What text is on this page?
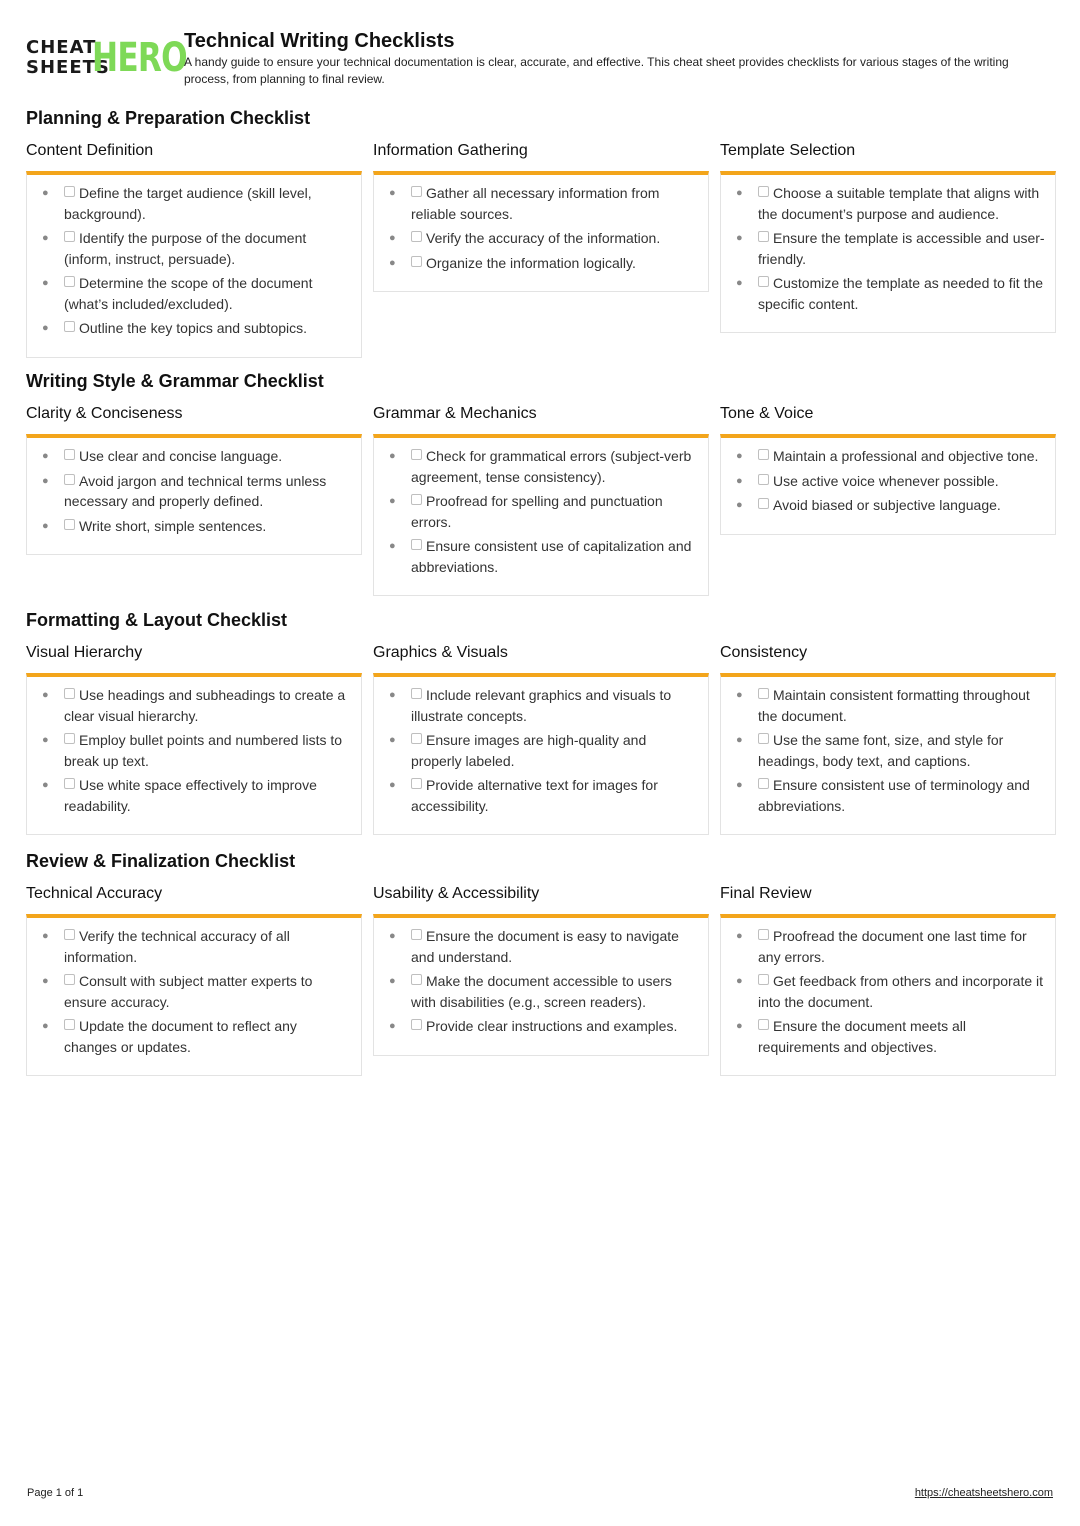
CHEAT
SHEETS
HERO
Technical Writing Checklists
A handy guide to ensure your technical documentation is clear, accurate, and effective. This cheat sheet provides checklists for various stages of the writing process, from planning to final review.
Planning & Preparation Checklist
Content Definition
● Define the target audience (skill level, background).
● Identify the purpose of the document (inform, instruct, persuade).
● Determine the scope of the document (what’s included/excluded).
● Outline the key topics and subtopics.
Information Gathering
● Gather all necessary information from reliable sources.
● Verify the accuracy of the information.
● Organize the information logically.
Template Selection
● Choose a suitable template that aligns with the document’s purpose and audience.
● Ensure the template is accessible and user-friendly.
● Customize the template as needed to fit the specific content.
Writing Style & Grammar Checklist
Clarity & Conciseness
● Use clear and concise language.
● Avoid jargon and technical terms unless necessary and properly defined.
● Write short, simple sentences.
Grammar & Mechanics
● Check for grammatical errors (subject-verb agreement, tense consistency).
● Proofread for spelling and punctuation errors.
● Ensure consistent use of capitalization and abbreviations.
Tone & Voice
● Maintain a professional and objective tone.
● Use active voice whenever possible.
● Avoid biased or subjective language.
Formatting & Layout Checklist
Visual Hierarchy
● Use headings and subheadings to create a clear visual hierarchy.
● Employ bullet points and numbered lists to break up text.
● Use white space effectively to improve readability.
Graphics & Visuals
● Include relevant graphics and visuals to illustrate concepts.
● Ensure images are high-quality and properly labeled.
● Provide alternative text for images for accessibility.
Consistency
● Maintain consistent formatting throughout the document.
● Use the same font, size, and style for headings, body text, and captions.
● Ensure consistent use of terminology and abbreviations.
Review & Finalization Checklist
Technical Accuracy
● Verify the technical accuracy of all information.
● Consult with subject matter experts to ensure accuracy.
● Update the document to reflect any changes or updates.
Usability & Accessibility
● Ensure the document is easy to navigate and understand.
● Make the document accessible to users with disabilities (e.g., screen readers).
● Provide clear instructions and examples.
Final Review
● Proofread the document one last time for any errors.
● Get feedback from others and incorporate it into the document.
● Ensure the document meets all requirements and objectives.
Page 1 of 1	https://cheatsheetshero.com
